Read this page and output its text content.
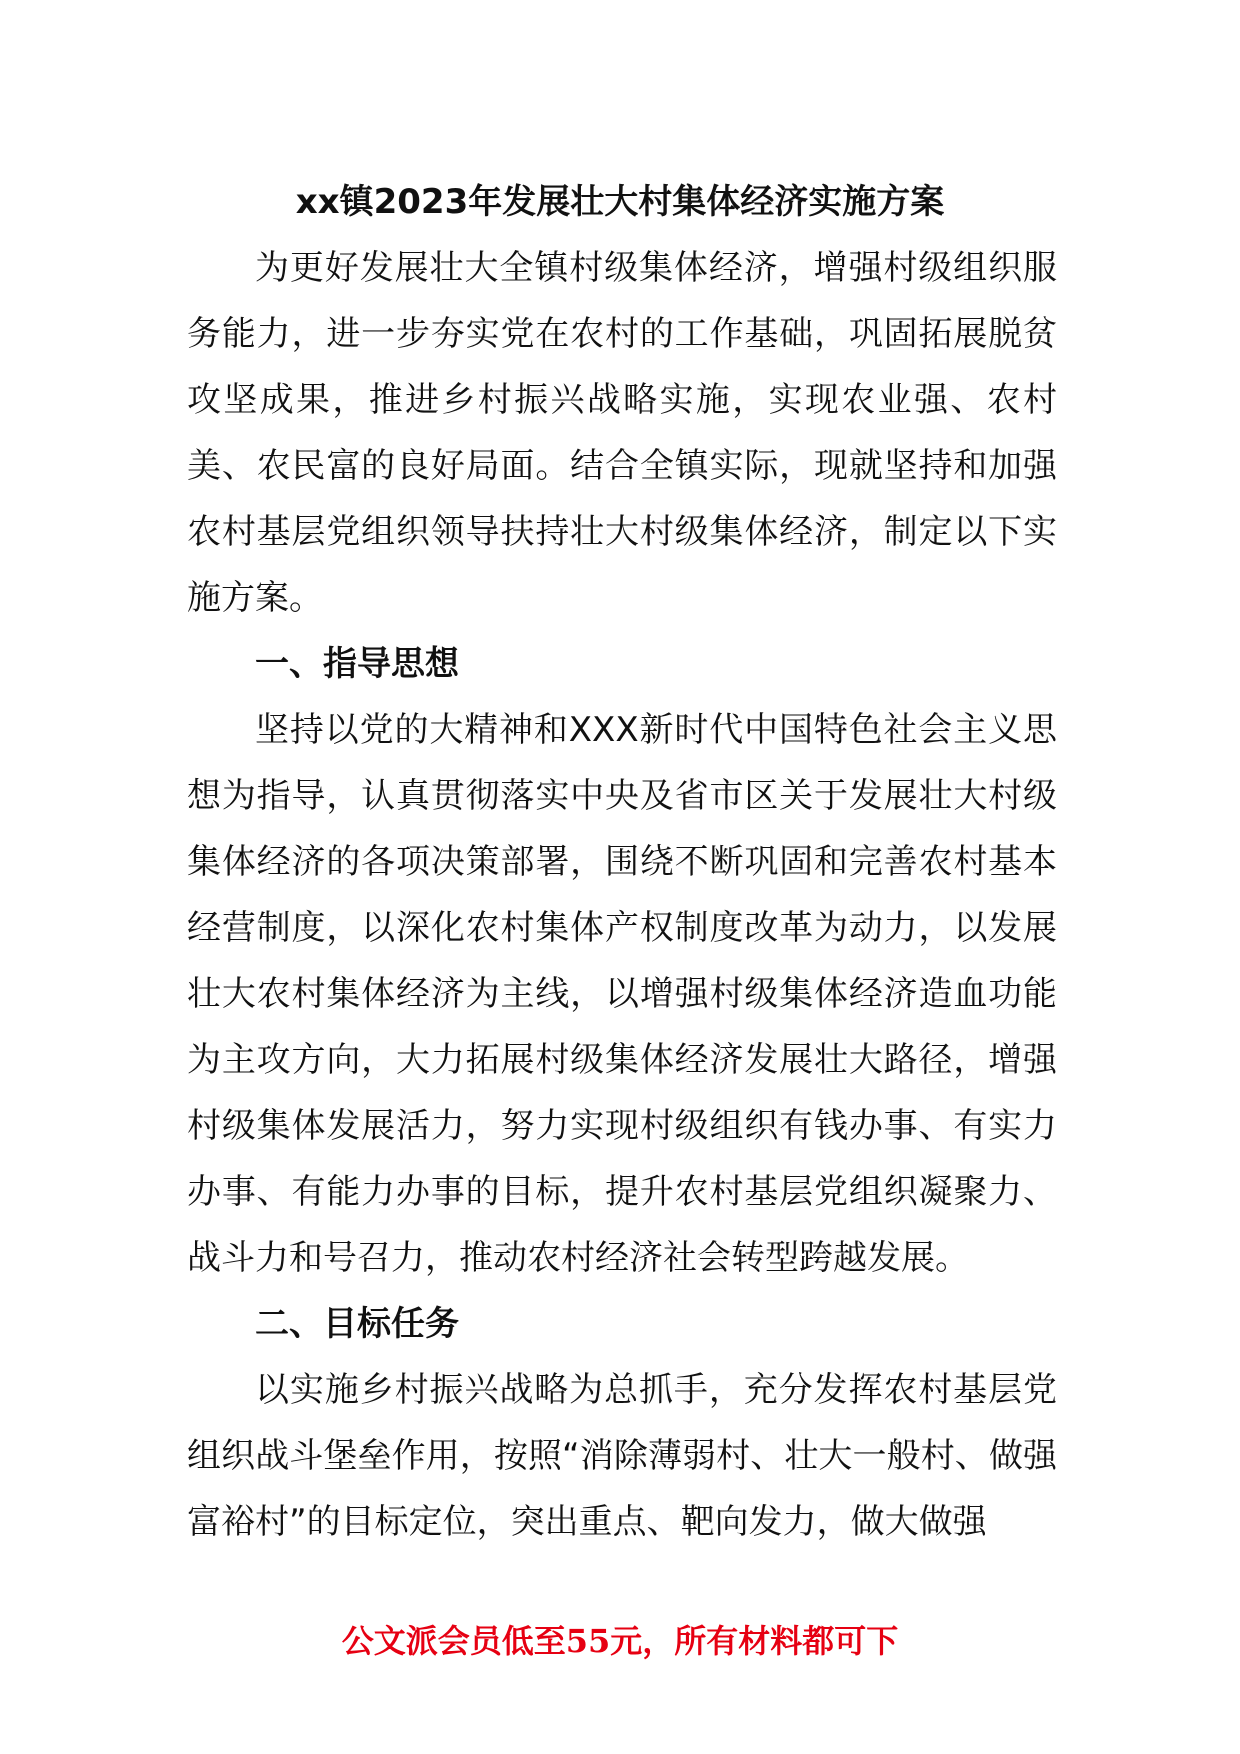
xx镇2023年发展壮大村集体经济实施方案

为更好发展壮大全镇村级集体经济，增强村级组织服务能力，进一步夯实党在农村的工作基础，巩固拓展脱贫攻坚成果，推进乡村振兴战略实施，实现农业强、农村美、农民富的良好局面。结合全镇实际，现就坚持和加强农村基层党组织领导扶持壮大村级集体经济，制定以下实施方案。

一、指导思想

坚持以党的大精神和XXX新时代中国特色社会主义思想为指导，认真贯彻落实中央及省市区关于发展壮大村级集体经济的各项决策部署，围绕不断巩固和完善农村基本经营制度，以深化农村集体产权制度改革为动力，以发展壮大农村集体经济为主线，以增强村级集体经济造血功能为主攻方向，大力拓展村级集体经济发展壮大路径，增强村级集体发展活力，努力实现村级组织有钱办事、有实力办事、有能力办事的目标，提升农村基层党组织凝聚力、战斗力和号召力，推动农村经济社会转型跨越发展。

二、目标任务

以实施乡村振兴战略为总抓手，充分发挥农村基层党组织战斗堡垒作用，按照“消除薄弱村、壮大一般村、做强富裕村”的目标定位，突出重点、靶向发力，做大做强

公文派会员低至55元，所有材料都可下
